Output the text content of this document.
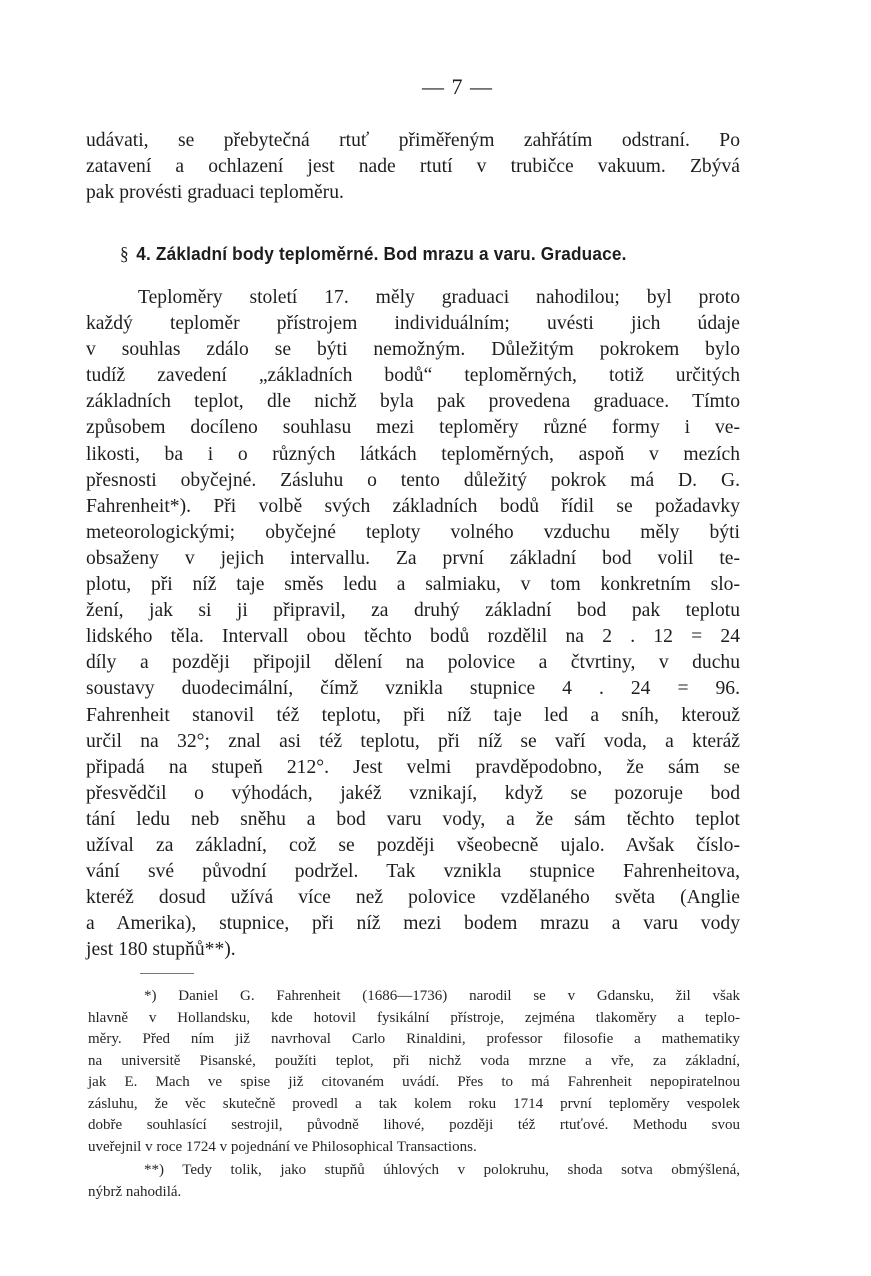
— 7 —
udávati, se přebytečná rtuť přiměřeným zahřátím odstraní. Po
zatavení a ochlazení jest nade rtutí v trubičce vakuum. Zbývá
pak provésti graduaci teploměru.
§ 4. Základní body teploměrné. Bod mrazu a varu. Graduace.
Teploměry století 17. měly graduaci nahodilou; byl proto
každý teploměr přístrojem individuálním; uvésti jich údaje
v souhlas zdálo se býti nemožným. Důležitým pokrokem bylo
tudíž zavedení „základních bodů“ teploměrných, totiž určitých
základních teplot, dle nichž byla pak provedena graduace. Tímto
způsobem docíleno souhlasu mezi teploměry různé formy i ve-
likosti, ba i o různých látkách teploměrných, aspoň v mezích
přesnosti obyčejné. Zásluhu o tento důležitý pokrok má D. G.
Fahrenheit*). Při volbě svých základních bodů řídil se požadavky
meteorologickými; obyčejné teploty volného vzduchu měly býti
obsaženy v jejich intervallu. Za první základní bod volil te-
plotu, při níž taje směs ledu a salmiaku, v tom konkretním slo-
žení, jak si ji připravil, za druhý základní bod pak teplotu
lidského těla. Intervall obou těchto bodů rozdělil na 2 . 12 = 24
díly a později připojil dělení na polovice a čtvrtiny, v duchu
soustavy duodecimální, čímž vznikla stupnice 4 . 24 = 96.
Fahrenheit stanovil též teplotu, při níž taje led a sníh, kterouž
určil na 32°; znal asi též teplotu, při níž se vaří voda, a kteráž
připadá na stupeň 212°. Jest velmi pravděpodobno, že sám se
přesvědčil o výhodách, jakéž vznikají, když se pozoruje bod
tání ledu neb sněhu a bod varu vody, a že sám těchto teplot
užíval za základní, což se později všeobecně ujalo. Avšak číslo-
vání své původní podržel. Tak vznikla stupnice Fahrenheitova,
kteréž dosud užívá více než polovice vzdělaného světa (Anglie
a Amerika), stupnice, při níž mezi bodem mrazu a varu vody
jest 180 stupňů**).
*) Daniel G. Fahrenheit (1686—1736) narodil se v Gdansku, žil však
hlavně v Hollandsku, kde hotovil fysikální přístroje, zejména tlakoměry a teplo-
měry. Před ním již navrhoval Carlo Rinaldini, professor filosofie a mathematiky
na universitě Pisanské, použíti teplot, při nichž voda mrzne a vře, za základní,
jak E. Mach ve spise již citovaném uvádí. Přes to má Fahrenheit nepopiratelnou
zásluhu, že věc skutečně provedl a tak kolem roku 1714 první teploměry vespolek
dobře souhlasící sestrojil, původně lihové, později též rtuťové. Methodu svou
uveřejnil v roce 1724 v pojednání ve Philosophical Transactions.
**) Tedy tolik, jako stupňů úhlových v polokruhu, shoda sotva obmýšlená,
nýbrž nahodilá.
